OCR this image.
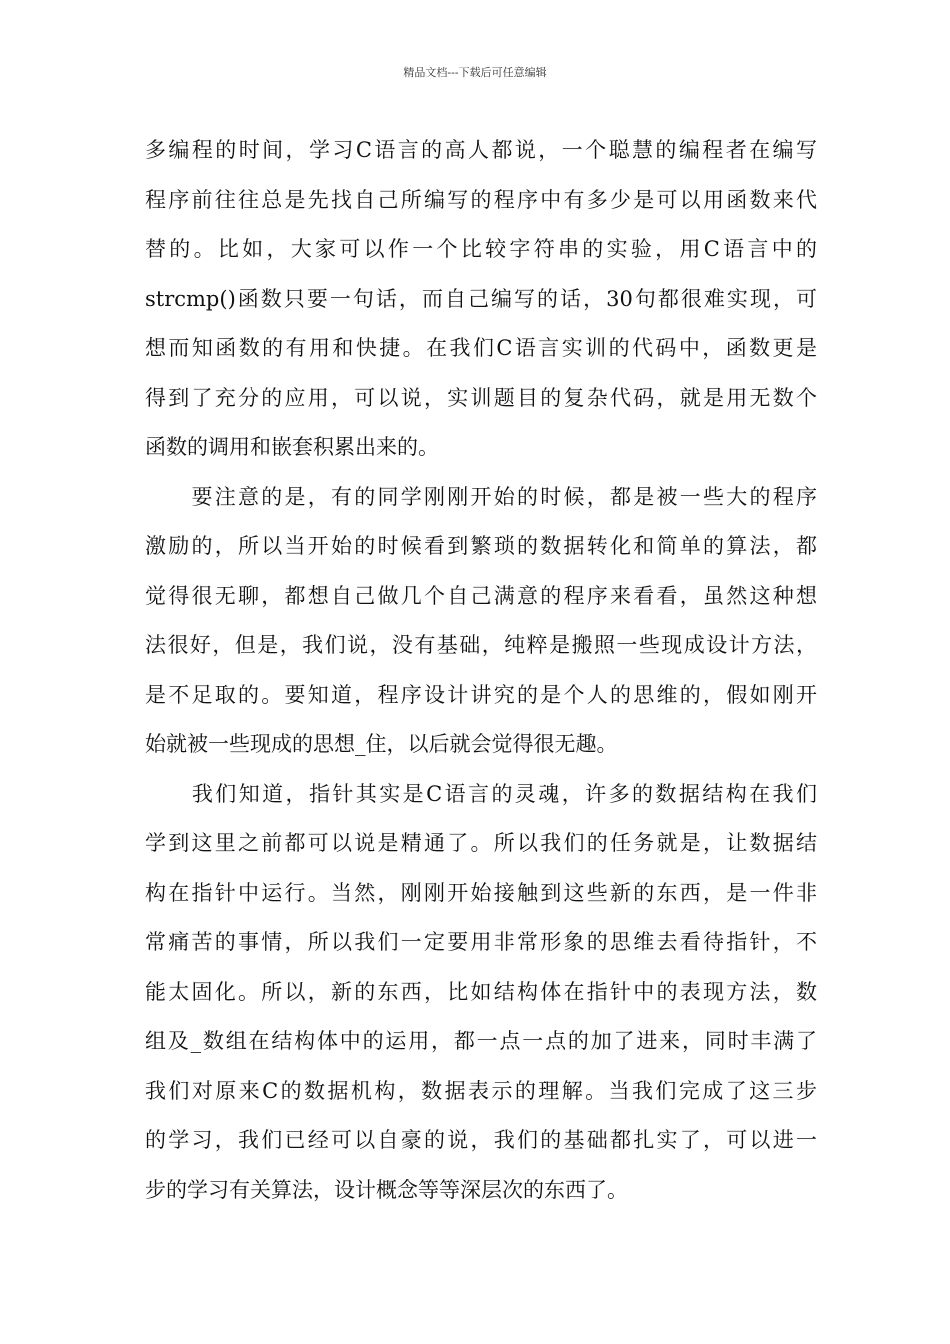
精品文档---下载后可任意编辑
多编程的时间，学习C语言的高人都说，一个聪慧的编程者在编写
程序前往往总是先找自己所编写的程序中有多少是可以用函数来代
替的。比如，大家可以作一个比较字符串的实验，用C语言中的
strcmp()函数只要一句话，而自己编写的话，30句都很难实现，可
想而知函数的有用和快捷。在我们C语言实训的代码中，函数更是
得到了充分的应用，可以说，实训题目的复杂代码，就是用无数个
函数的调用和嵌套积累出来的。
　　要注意的是，有的同学刚刚开始的时候，都是被一些大的程序
激励的，所以当开始的时候看到繁琐的数据转化和简单的算法，都
觉得很无聊，都想自己做几个自己满意的程序来看看，虽然这种想
法很好，但是，我们说，没有基础，纯粹是搬照一些现成设计方法，
是不足取的。要知道，程序设计讲究的是个人的思维的，假如刚开
始就被一些现成的思想_住，以后就会觉得很无趣。
　　我们知道，指针其实是C语言的灵魂，许多的数据结构在我们
学到这里之前都可以说是精通了。所以我们的任务就是，让数据结
构在指针中运行。当然，刚刚开始接触到这些新的东西，是一件非
常痛苦的事情，所以我们一定要用非常形象的思维去看待指针，不
能太固化。所以，新的东西，比如结构体在指针中的表现方法，数
组及_数组在结构体中的运用，都一点一点的加了进来，同时丰满了
我们对原来C的数据机构，数据表示的理解。当我们完成了这三步
的学习，我们已经可以自豪的说，我们的基础都扎实了，可以进一
步的学习有关算法，设计概念等等深层次的东西了。
